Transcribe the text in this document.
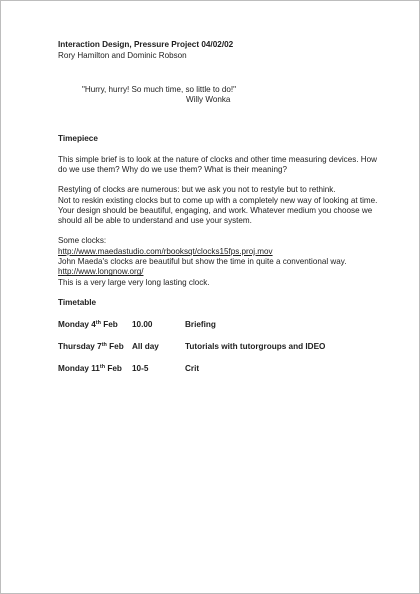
Interaction Design, Pressure Project 04/02/02
Rory Hamilton and Dominic Robson
"Hurry, hurry! So much time, so little to do!"
Willy Wonka
Timepiece

This simple brief is to look at the nature of clocks and other time measuring devices. How do we use them? Why do we use them? What is their meaning?

Restyling of clocks are numerous: but we ask you not to restyle but to rethink.

Not to reskin existing clocks but to come up with a completely new way of looking at time.

Your design should be beautiful, engaging, and work. Whatever medium you choose we should all be able to understand and use your system.

Some clocks:

http://www.maedastudio.com/rbooksqt/clocks15fps.proj.mov

John Maeda's clocks are beautiful but show the time in quite a conventional way.

http://www.longnow.org/

This is a very large very long lasting clock.

Timetable
Monday 4th Feb	10.00	Briefing
Thursday 7th Feb	All day	Tutorials with tutorgroups and IDEO
Monday 11th Feb	10-5	Crit
